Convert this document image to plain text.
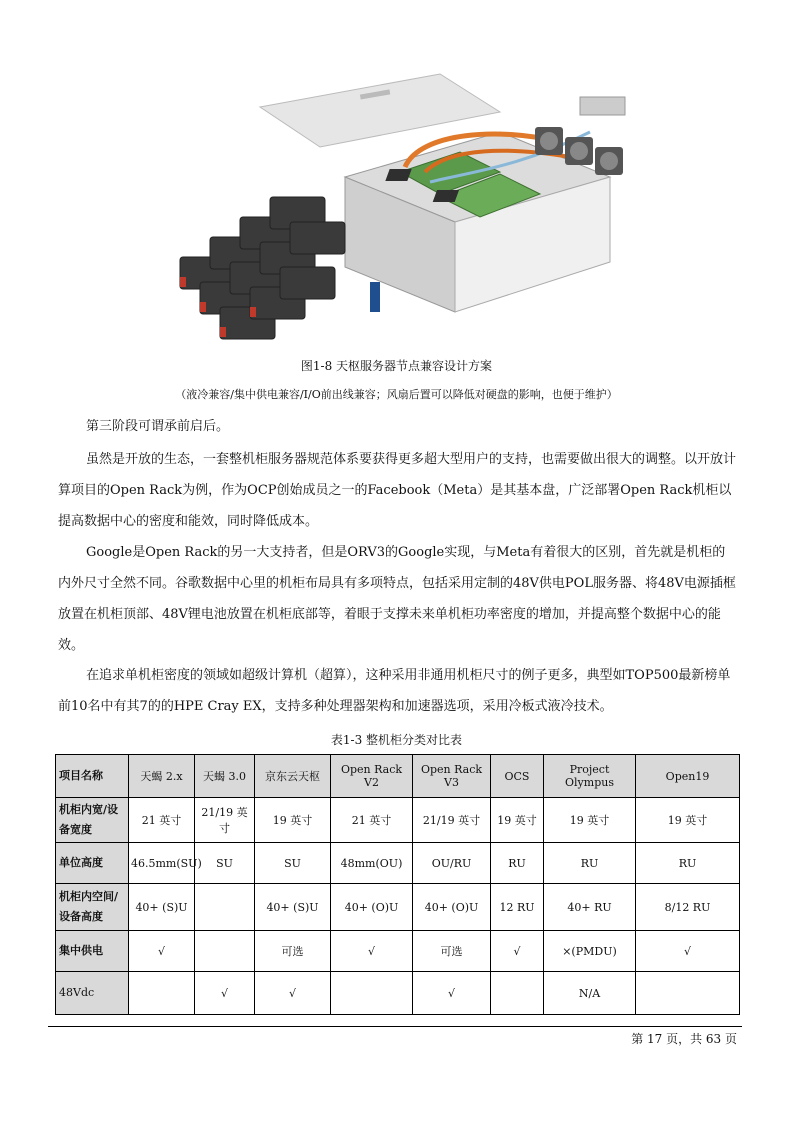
图1-8 天枢服务器节点兼容设计方案
（液冷兼容/集中供电兼容/I/O前出线兼容；风扇后置可以降低对硬盘的影响，也便于维护）

第三阶段可谓承前启后。

虽然是开放的生态，一套整机柜服务器规范体系要获得更多超大型用户的支持，也需要做出很大的调整。以开放计算项目的Open Rack为例，作为OCP创始成员之一的Facebook（Meta）是其基本盘，广泛部署Open Rack机柜以提高数据中心的密度和能效，同时降低成本。

Google是Open Rack的另一大支持者，但是ORV3的Google实现，与Meta有着很大的区别，首先就是机柜的内外尺寸全然不同。谷歌数据中心里的机柜布局具有多项特点，包括采用定制的48V供电POL服务器、将48V电源插框放置在机柜顶部、48V锂电池放置在机柜底部等，着眼于支撑未来单机柜功率密度的增加，并提高整个数据中心的能效。

在追求单机柜密度的领域如超级计算机（超算），这种采用非通用机柜尺寸的例子更多，典型如TOP500最新榜单前10名中有其7的的HPE Cray EX，支持多种处理器架构和加速器选项，采用冷板式液冷技术。

表1-3 整机柜分类对比表
项目名称	天蝎 2.x	天蝎 3.0	京东云天枢	Open Rack V2	Open Rack V3	OCS	Project Olympus	Open19
机柜内宽/设备宽度	21 英寸	21/19 英寸	19 英寸	21 英寸	21/19 英寸	19 英寸	19 英寸	19 英寸
单位高度	46.5mm(SU)	SU	SU	48mm(OU)	OU/RU	RU	RU	RU
机柜内空间/设备高度	40+ (S)U		40+ (S)U	40+ (O)U	40+ (O)U	12 RU	40+ RU	8/12 RU
集中供电	√		可选	√	可选	√	×(PMDU)	√
48Vdc		√	√		√		N/A	
第 17 页，共 63 页
